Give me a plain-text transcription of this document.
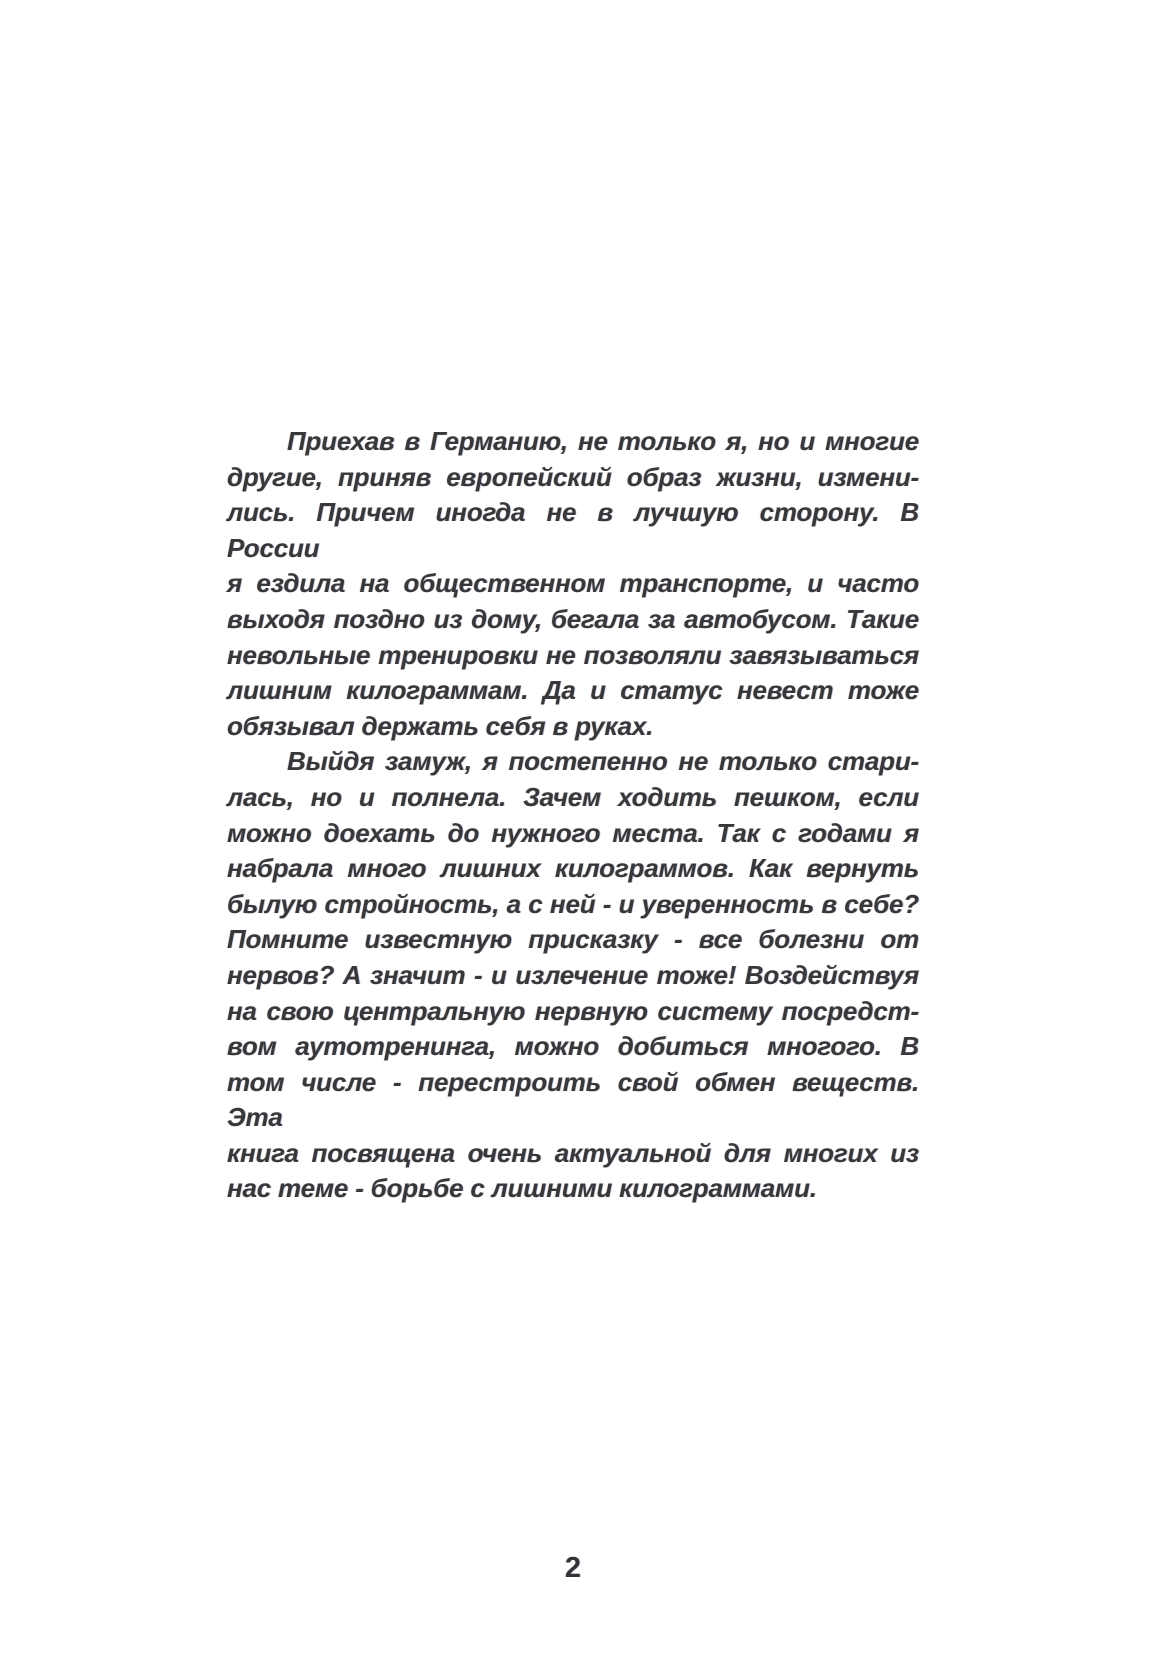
Приехав в Германию, не только я, но и многие
другие, приняв европейский образ жизни, измени-
лись. Причем иногда не в лучшую сторону. В России
я ездила на общественном транспорте, и часто
выходя поздно из дому, бегала за автобусом. Такие
невольные тренировки не позволяли завязываться
лишним килограммам. Да и статус невест тоже
обязывал держать себя в руках.
Выйдя замуж, я постепенно не только стари-
лась, но и полнела. Зачем ходить пешком, если
можно доехать до нужного места. Так с годами я
набрала много лишних килограммов. Как вернуть
былую стройность, а с ней - и уверенность в себе?
Помните известную присказку - все болезни от
нервов? А значит - и излечение тоже! Воздействуя
на свою центральную нервную систему посредст-
вом аутотренинга, можно добиться многого. В
том числе - перестроить свой обмен веществ. Эта
книга посвящена очень актуальной для многих из
нас теме - борьбе с лишними килограммами.
2
